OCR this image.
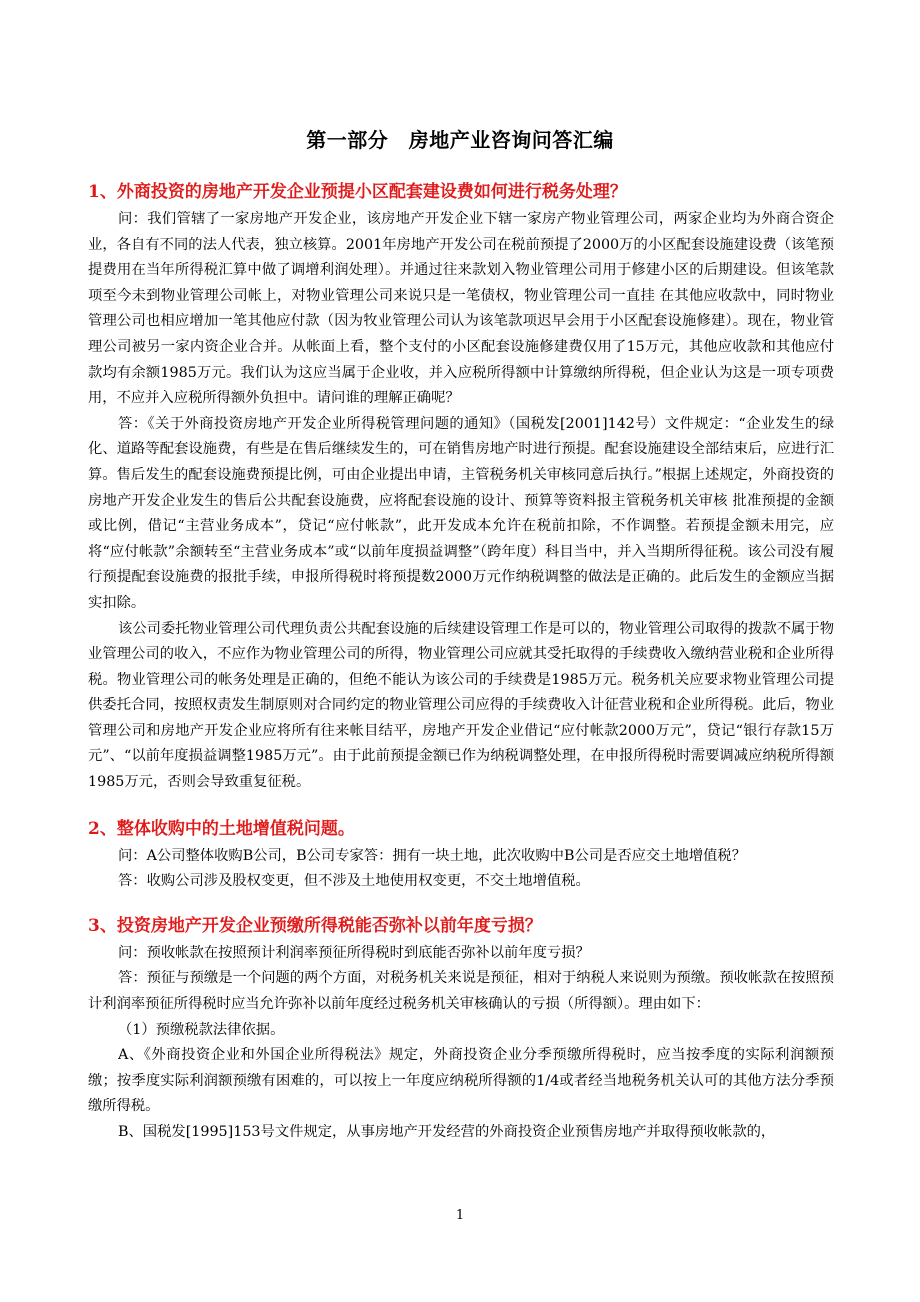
第一部分　房地产业咨询问答汇编
1、外商投资的房地产开发企业预提小区配套建设费如何进行税务处理？

问：我们管辖了一家房地产开发企业，该房地产开发企业下辖一家房产物业管理公司，两家企业均为外商合资企业，各自有不同的法人代表，独立核算。2001年房地产开发公司在税前预提了2000万的小区配套设施建设费（该笔预提费用在当年所得税汇算中做了调增利润处理）。并通过往来款划入物业管理公司用于修建小区的后期建设。但该笔款项至今未到物业管理公司帐上，对物业管理公司来说只是一笔债权，物业管理公司一直挂 在其他应收款中，同时物业管理公司也相应增加一笔其他应付款（因为牧业管理公司认为该笔款项迟早会用于小区配套设施修建）。现在，物业管理公司被另一家内资企业合并。从帐面上看，整个支付的小区配套设施修建费仅用了15万元，其他应收款和其他应付款均有余额1985万元。我们认为这应当属于企业收，并入应税所得额中计算缴纳所得税，但企业认为这是一项专项费用，不应并入应税所得额外负担中。请问谁的理解正确呢？

答：《关于外商投资房地产开发企业所得税管理问题的通知》（国税发[2001]142号）文件规定：“企业发生的绿化、道路等配套设施费，有些是在售后继续发生的，可在销售房地产时进行预提。配套设施建设全部结束后，应进行汇算。售后发生的配套设施费预提比例，可由企业提出申请，主管税务机关审核同意后执行。”根据上述规定，外商投资的房地产开发企业发生的售后公共配套设施费，应将配套设施的设计、预算等资料报主管税务机关审核 批准预提的金额或比例，借记“主营业务成本”，贷记“应付帐款”，此开发成本允许在税前扣除，不作调整。若预提金额未用完，应将“应付帐款”余额转至“主营业务成本”或“以前年度损益调整”（跨年度）科目当中，并入当期所得征税。该公司没有履行预提配套设施费的报批手续，申报所得税时将预提数2000万元作纳税调整的做法是正确的。此后发生的金额应当据实扣除。

该公司委托物业管理公司代理负责公共配套设施的后续建设管理工作是可以的，物业管理公司取得的拨款不属于物业管理公司的收入，不应作为物业管理公司的所得，物业管理公司应就其受托取得的手续费收入缴纳营业税和企业所得税。物业管理公司的帐务处理是正确的，但绝不能认为该公司的手续费是1985万元。税务机关应要求物业管理公司提供委托合同，按照权责发生制原则对合同约定的物业管理公司应得的手续费收入计征营业税和企业所得税。此后，物业管理公司和房地产开发企业应将所有往来帐目结平，房地产开发企业借记“应付帐款2000万元”，贷记“银行存款15万元”、“以前年度损益调整1985万元”。由于此前预提金额已作为纳税调整处理，在申报所得税时需要调减应纳税所得额1985万元，否则会导致重复征税。

2、整体收购中的土地增值税问题。

问：A公司整体收购B公司，B公司专家答：拥有一块土地，此次收购中B公司是否应交土地增值税？

答：收购公司涉及股权变更，但不涉及土地使用权变更，不交土地增值税。

3、投资房地产开发企业预缴所得税能否弥补以前年度亏损？

问：预收帐款在按照预计利润率预征所得税时到底能否弥补以前年度亏损？

答：预征与预缴是一个问题的两个方面，对税务机关来说是预征，相对于纳税人来说则为预缴。预收帐款在按照预计利润率预征所得税时应当允许弥补以前年度经过税务机关审核确认的亏损（所得额）。理由如下：

（1）预缴税款法律依据。

A、《外商投资企业和外国企业所得税法》规定，外商投资企业分季预缴所得税时，应当按季度的实际利润额预缴；按季度实际利润额预缴有困难的，可以按上一年度应纳税所得额的1/4或者经当地税务机关认可的其他方法分季预缴所得税。

B、国税发[1995]153号文件规定，从事房地产开发经营的外商投资企业预售房地产并取得预收帐款的，

1
